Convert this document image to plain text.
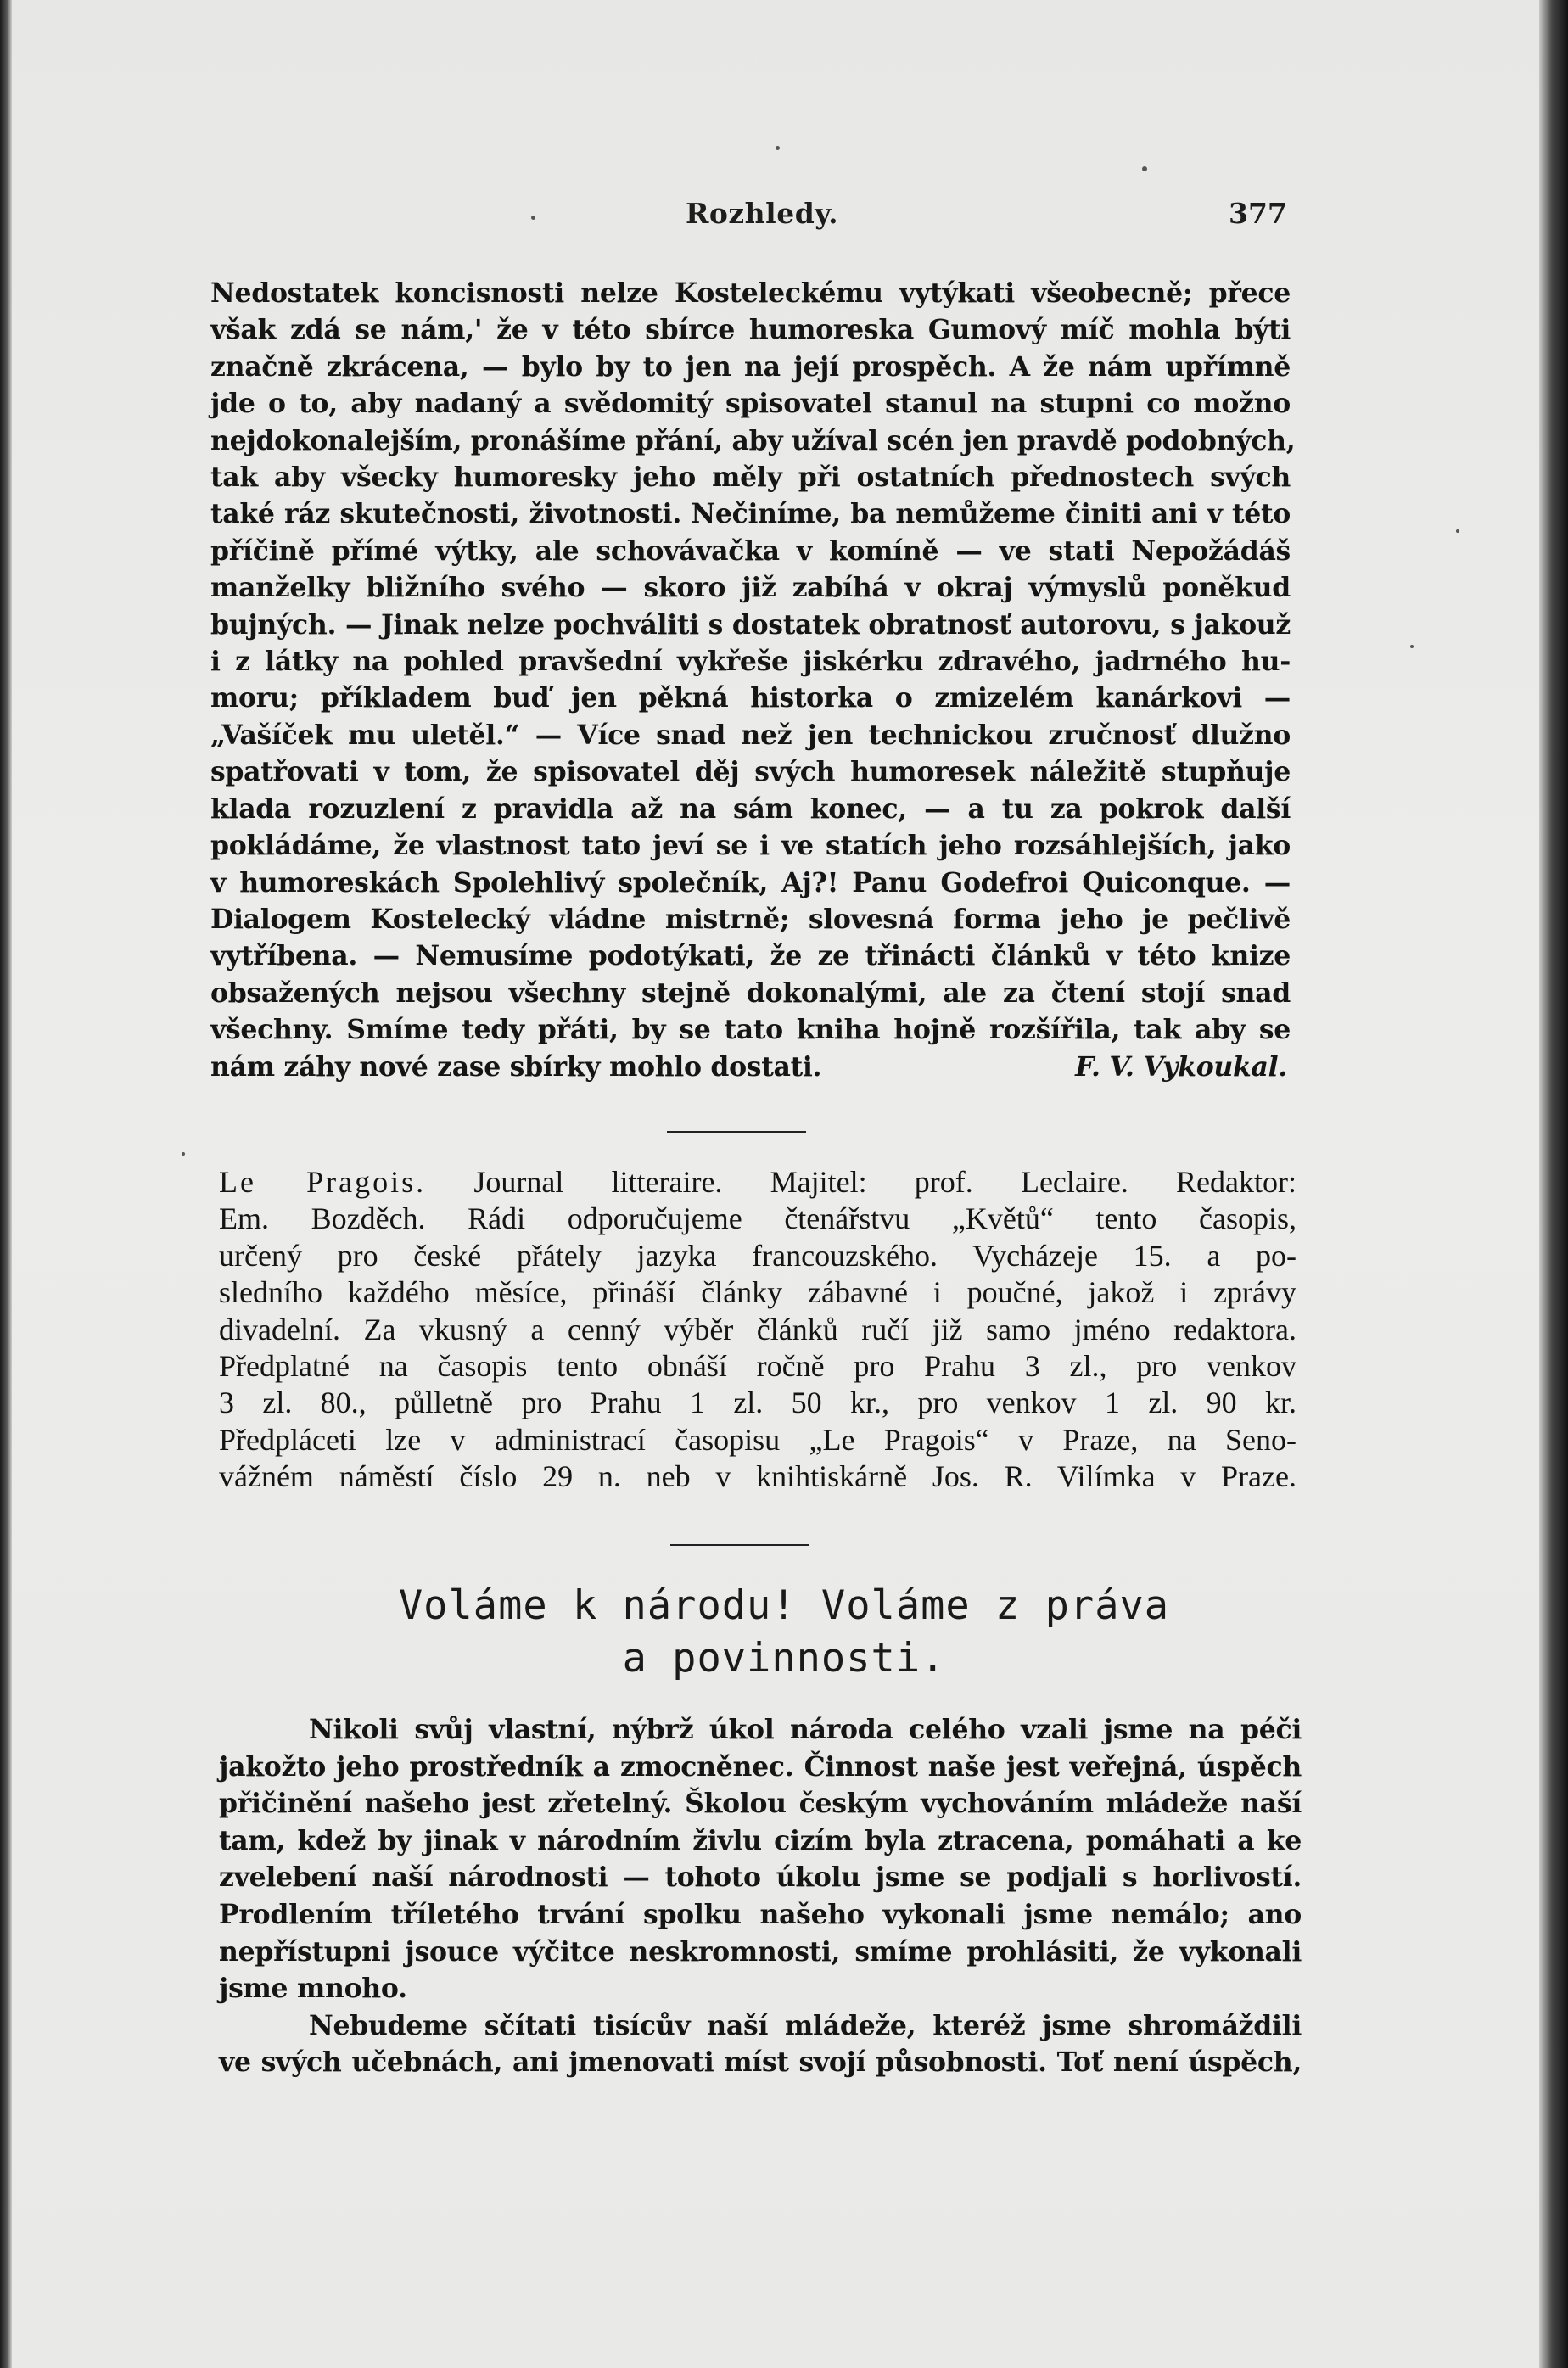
Rozhledy.	377
Nedostatek koncisnosti nelze Kosteleckému vytýkati všeobecně; přece
však zdá se nám,' že v této sbírce humoreska Gumový míč mohla býti
značně zkrácena, — bylo by to jen na její prospěch. A že nám upřímně
jde o to, aby nadaný a svědomitý spisovatel stanul na stupni co možno
nejdokonalejším, pronášíme přání, aby užíval scén jen pravdě podobných,
tak aby všecky humoresky jeho měly při ostatních přednostech svých
také ráz skutečnosti, životnosti. Nečiníme, ba nemůžeme činiti ani v této
příčině přímé výtky, ale schovávačka v komíně — ve stati Nepožádáš
manželky bližního svého — skoro již zabíhá v okraj výmyslů poněkud
bujných. — Jinak nelze pochváliti s dostatek obratnosť autorovu, s jakouž
i z látky na pohled pravšední vykřeše jiskérku zdravého, jadrného hu-
moru; příkladem buď jen pěkná historka o zmizelém kanárkovi —
„Vašíček mu uletěl.“ — Více snad než jen technickou zručnosť dlužno
spatřovati v tom, že spisovatel děj svých humoresek náležitě stupňuje
klada rozuzlení z pravidla až na sám konec, — a tu za pokrok další
pokládáme, že vlastnost tato jeví se i ve statích jeho rozsáhlejších, jako
v humoreskách Spolehlivý společník, Aj?! Panu Godefroi Quiconque. —
Dialogem Kostelecký vládne mistrně; slovesná forma jeho je pečlivě
vytříbena. — Nemusíme podotýkati, že ze třinácti článků v této knize
obsažených nejsou všechny stejně dokonalými, ale za čtení stojí snad
všechny. Smíme tedy přáti, by se tato kniha hojně rozšířila, tak aby se
nám záhy nové zase sbírky mohlo dostati.	F. V. Vykoukal.
Le Pragois. Journal litteraire. Majitel: prof. Leclaire. Redaktor:
Em. Bozděch. Rádi odporučujeme čtenářstvu „Květů“ tento časopis,
určený pro české přátely jazyka francouzského. Vycházeje 15. a po-
sledního každého měsíce, přináší články zábavné i poučné, jakož i zprávy
divadelní. Za vkusný a cenný výběr článků ručí již samo jméno redaktora.
Předplatné na časopis tento obnáší ročně pro Prahu 3 zl., pro venkov
3 zl. 80., půlletně pro Prahu 1 zl. 50 kr., pro venkov 1 zl. 90 kr.
Předpláceti lze v administrací časopisu „Le Pragois“ v Praze, na Seno-
vážném náměstí číslo 29 n. neb v knihtiskárně Jos. R. Vilímka v Praze.
Voláme k národu! Voláme z práva
a povinnosti.
Nikoli svůj vlastní, nýbrž úkol národa celého vzali jsme na péči
jakožto jeho prostředník a zmocněnec. Činnost naše jest veřejná, úspěch
přičinění našeho jest zřetelný. Školou českým vychováním mládeže naší
tam, kdež by jinak v národním živlu cizím byla ztracena, pomáhati a ke
zvelebení naší národnosti — tohoto úkolu jsme se podjali s horlivostí.
Prodlením tříletého trvání spolku našeho vykonali jsme nemálo; ano
nepřístupni jsouce výčitce neskromnosti, smíme prohlásiti, že vykonali
jsme mnoho.
Nebudeme sčítati tisícův naší mládeže, kteréž jsme shromáždili
ve svých učebnách, ani jmenovati míst svojí působnosti. Toť není úspěch,
